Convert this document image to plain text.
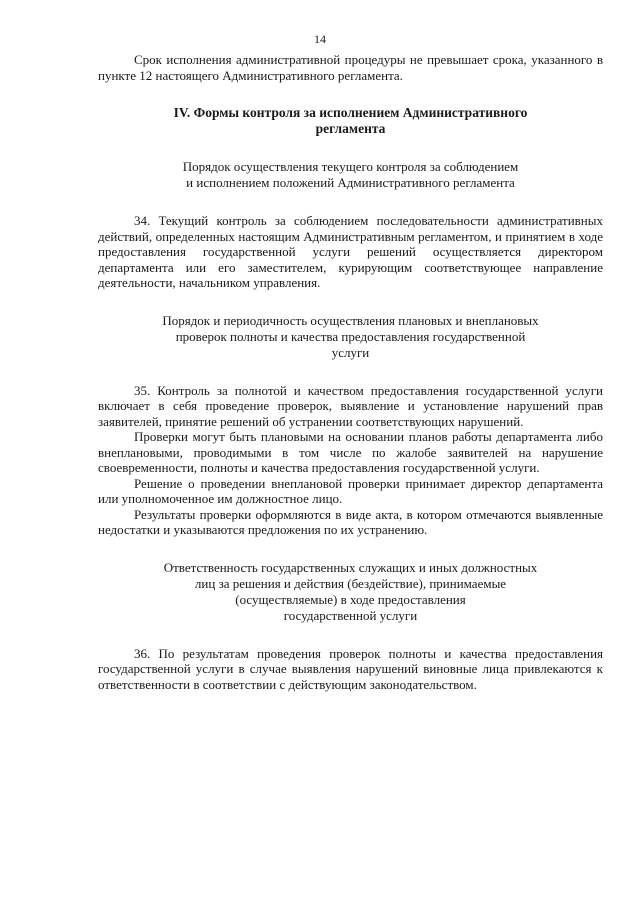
14

Срок исполнения административной процедуры не превышает срока, указанного в пункте 12 настоящего Административного регламента.

IV. Формы контроля за исполнением Административного
регламента
Порядок осуществления текущего контроля за соблюдением
и исполнением положений Административного регламента

34. Текущий контроль за соблюдением последовательности административных действий, определенных настоящим Административным регламентом, и принятием в ходе предоставления государственной услуги решений осуществляется директором департамента или его заместителем, курирующим соответствующее направление деятельности, начальником управления.

Порядок и периодичность осуществления плановых и внеплановых
проверок полноты и качества предоставления государственной
услуги

35. Контроль за полнотой и качеством предоставления государственной услуги включает в себя проведение проверок, выявление и установление нарушений прав заявителей, принятие решений об устранении соответствующих нарушений.

Проверки могут быть плановыми на основании планов работы департамента либо внеплановыми, проводимыми в том числе по жалобе заявителей на нарушение своевременности, полноты и качества предоставления государственной услуги.

Решение о проведении внеплановой проверки принимает директор департамента или уполномоченное им должностное лицо.

Результаты проверки оформляются в виде акта, в котором отмечаются выявленные недостатки и указываются предложения по их устранению.

Ответственность государственных служащих и иных должностных
лиц за решения и действия (бездействие), принимаемые
(осуществляемые) в ходе предоставления
государственной услуги

36. По результатам проведения проверок полноты и качества предоставления государственной услуги в случае выявления нарушений виновные лица привлекаются к ответственности в соответствии с действующим законодательством.
